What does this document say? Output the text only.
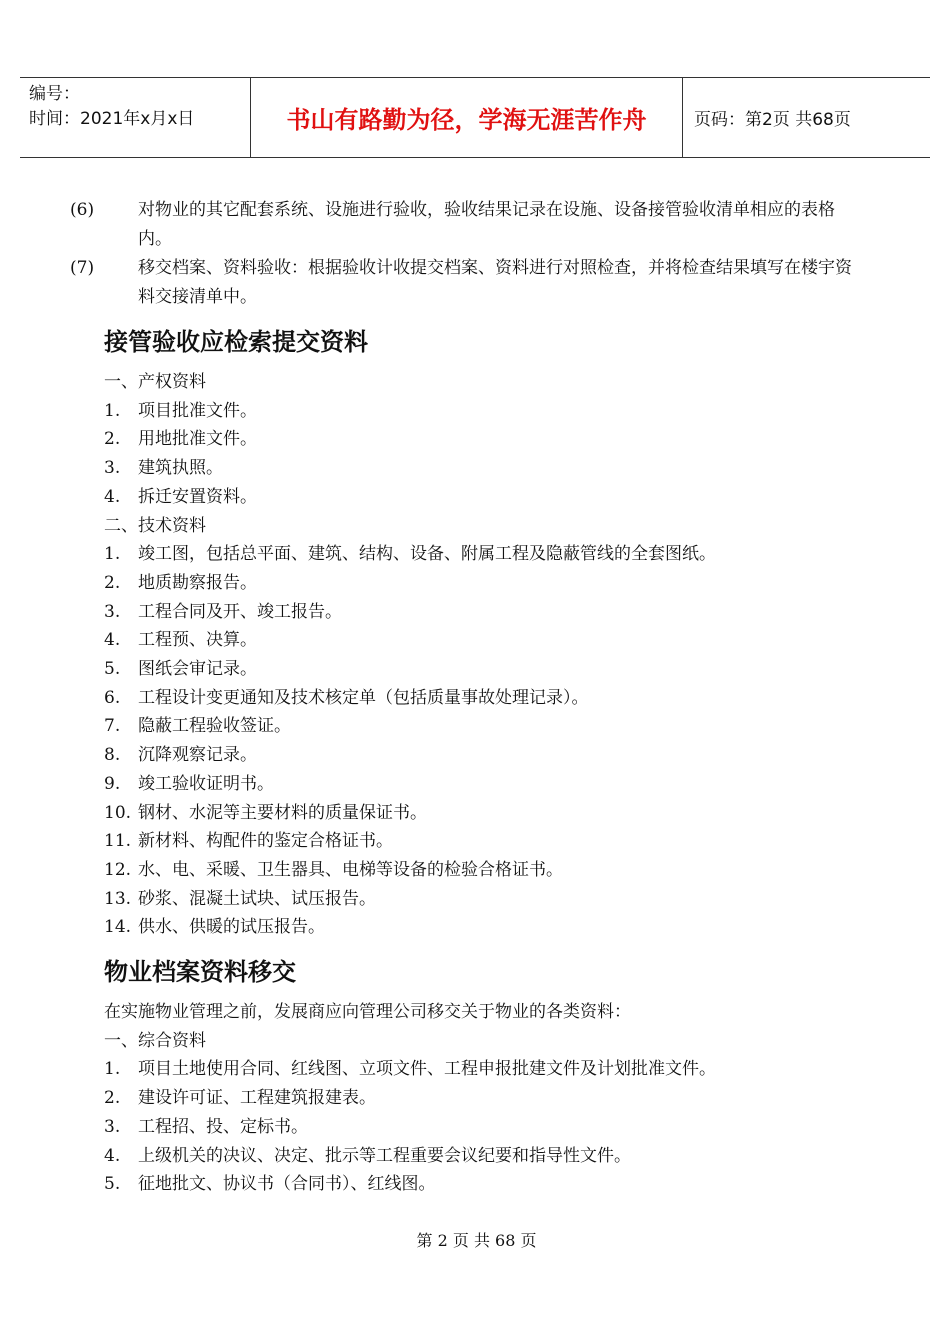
编号：
时间：2021年x月x日	书山有路勤为径，学海无涯苦作舟	页码：第2页 共68页
(6)	对物业的其它配套系统、设施进行验收，验收结果记录在设施、设备接管验收清单相应的表格内。
(7)	移交档案、资料验收：根据验收计收提交档案、资料进行对照检查，并将检查结果填写在楼宇资料交接清单中。
接管验收应检索提交资料
一、产权资料
1. 项目批准文件。
2. 用地批准文件。
3. 建筑执照。
4. 拆迁安置资料。
二、技术资料
1. 竣工图，包括总平面、建筑、结构、设备、附属工程及隐蔽管线的全套图纸。
2. 地质勘察报告。
3. 工程合同及开、竣工报告。
4. 工程预、决算。
5. 图纸会审记录。
6. 工程设计变更通知及技术核定单（包括质量事故处理记录）。
7. 隐蔽工程验收签证。
8. 沉降观察记录。
9. 竣工验收证明书。
10. 钢材、水泥等主要材料的质量保证书。
11. 新材料、构配件的鉴定合格证书。
12. 水、电、采暖、卫生器具、电梯等设备的检验合格证书。
13. 砂浆、混凝土试块、试压报告。
14. 供水、供暖的试压报告。
物业档案资料移交
在实施物业管理之前，发展商应向管理公司移交关于物业的各类资料：
一、综合资料
1. 项目土地使用合同、红线图、立项文件、工程申报批建文件及计划批准文件。
2. 建设许可证、工程建筑报建表。
3. 工程招、投、定标书。
4. 上级机关的决议、决定、批示等工程重要会议纪要和指导性文件。
5. 征地批文、协议书（合同书）、红线图。
第 2 页 共 68 页
